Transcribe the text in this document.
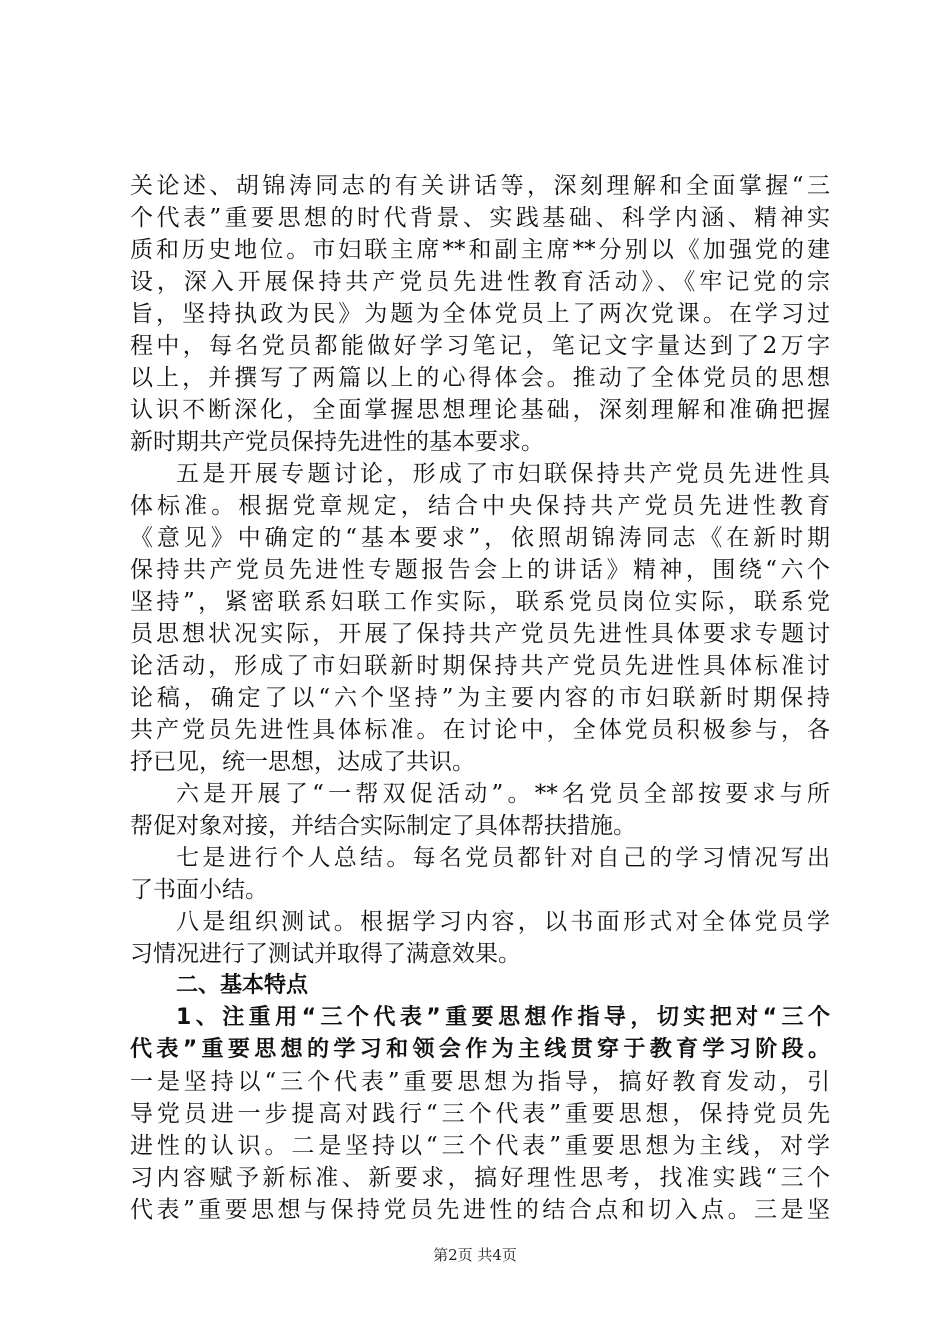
关论述、胡锦涛同志的有关讲话等，深刻理解和全面掌握“三
个代表”重要思想的时代背景、实践基础、科学内涵、精神实
质和历史地位。市妇联主席**和副主席**分别以《加强党的建
设，深入开展保持共产党员先进性教育活动》、《牢记党的宗
旨，坚持执政为民》为题为全体党员上了两次党课。在学习过
程中，每名党员都能做好学习笔记，笔记文字量达到了2万字
以上，并撰写了两篇以上的心得体会。推动了全体党员的思想
认识不断深化，全面掌握思想理论基础，深刻理解和准确把握
新时期共产党员保持先进性的基本要求。
五是开展专题讨论，形成了市妇联保持共产党员先进性具
体标准。根据党章规定，结合中央保持共产党员先进性教育
《意见》中确定的“基本要求”，依照胡锦涛同志《在新时期
保持共产党员先进性专题报告会上的讲话》精神，围绕“六个
坚持”，紧密联系妇联工作实际，联系党员岗位实际，联系党
员思想状况实际，开展了保持共产党员先进性具体要求专题讨
论活动，形成了市妇联新时期保持共产党员先进性具体标准讨
论稿，确定了以“六个坚持”为主要内容的市妇联新时期保持
共产党员先进性具体标准。在讨论中，全体党员积极参与，各
抒已见，统一思想，达成了共识。
六是开展了“一帮双促活动”。**名党员全部按要求与所
帮促对象对接，并结合实际制定了具体帮扶措施。
七是进行个人总结。每名党员都针对自己的学习情况写出
了书面小结。
八是组织测试。根据学习内容，以书面形式对全体党员学
习情况进行了测试并取得了满意效果。
二、基本特点
1、注重用“三个代表”重要思想作指导，切实把对“三个
代表”重要思想的学习和领会作为主线贯穿于教育学习阶段。
一是坚持以“三个代表”重要思想为指导，搞好教育发动，引
导党员进一步提高对践行“三个代表”重要思想，保持党员先
进性的认识。二是坚持以“三个代表”重要思想为主线，对学
习内容赋予新标准、新要求，搞好理性思考，找准实践“三个
代表”重要思想与保持党员先进性的结合点和切入点。三是坚
第2页 共4页
